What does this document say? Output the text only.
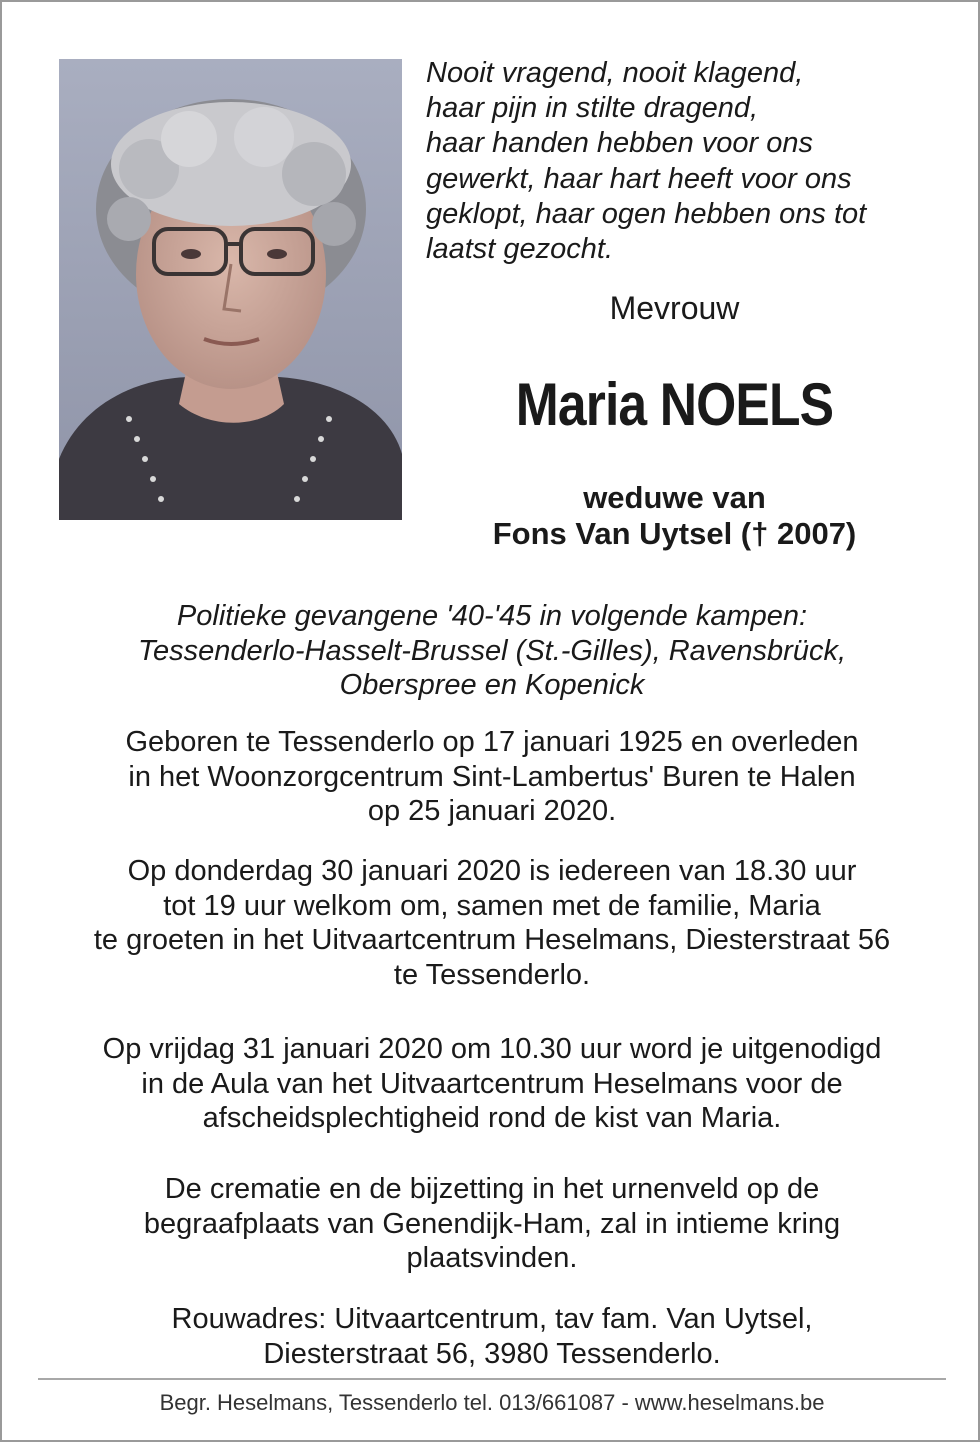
Nooit vragend, nooit klagend,
haar pijn in stilte dragend,
haar handen hebben voor ons
gewerkt, haar hart heeft voor ons
geklopt, haar ogen hebben ons tot
laatst gezocht.
Mevrouw
Maria NOELS
weduwe van
Fons Van Uytsel († 2007)
Politieke gevangene '40-'45 in volgende kampen:
Tessenderlo-Hasselt-Brussel (St.-Gilles), Ravensbrück,
Oberspree en Kopenick
Geboren te Tessenderlo op 17 januari 1925 en overleden
in het Woonzorgcentrum Sint-Lambertus' Buren te Halen
op 25 januari 2020.
Op donderdag 30 januari 2020 is iedereen van 18.30 uur
tot 19 uur welkom om, samen met de familie, Maria
te groeten in het Uitvaartcentrum Heselmans, Diesterstraat 56
te Tessenderlo.
Op vrijdag 31 januari 2020 om 10.30 uur word je uitgenodigd
in de Aula van het Uitvaartcentrum Heselmans voor de
afscheidsplechtigheid rond de kist van Maria.
De crematie en de bijzetting in het urnenveld op de
begraafplaats van Genendijk-Ham, zal in intieme kring
plaatsvinden.
Rouwadres: Uitvaartcentrum, tav fam. Van Uytsel,
Diesterstraat 56, 3980 Tessenderlo.
Begr. Heselmans, Tessenderlo tel. 013/661087 - www.heselmans.be
